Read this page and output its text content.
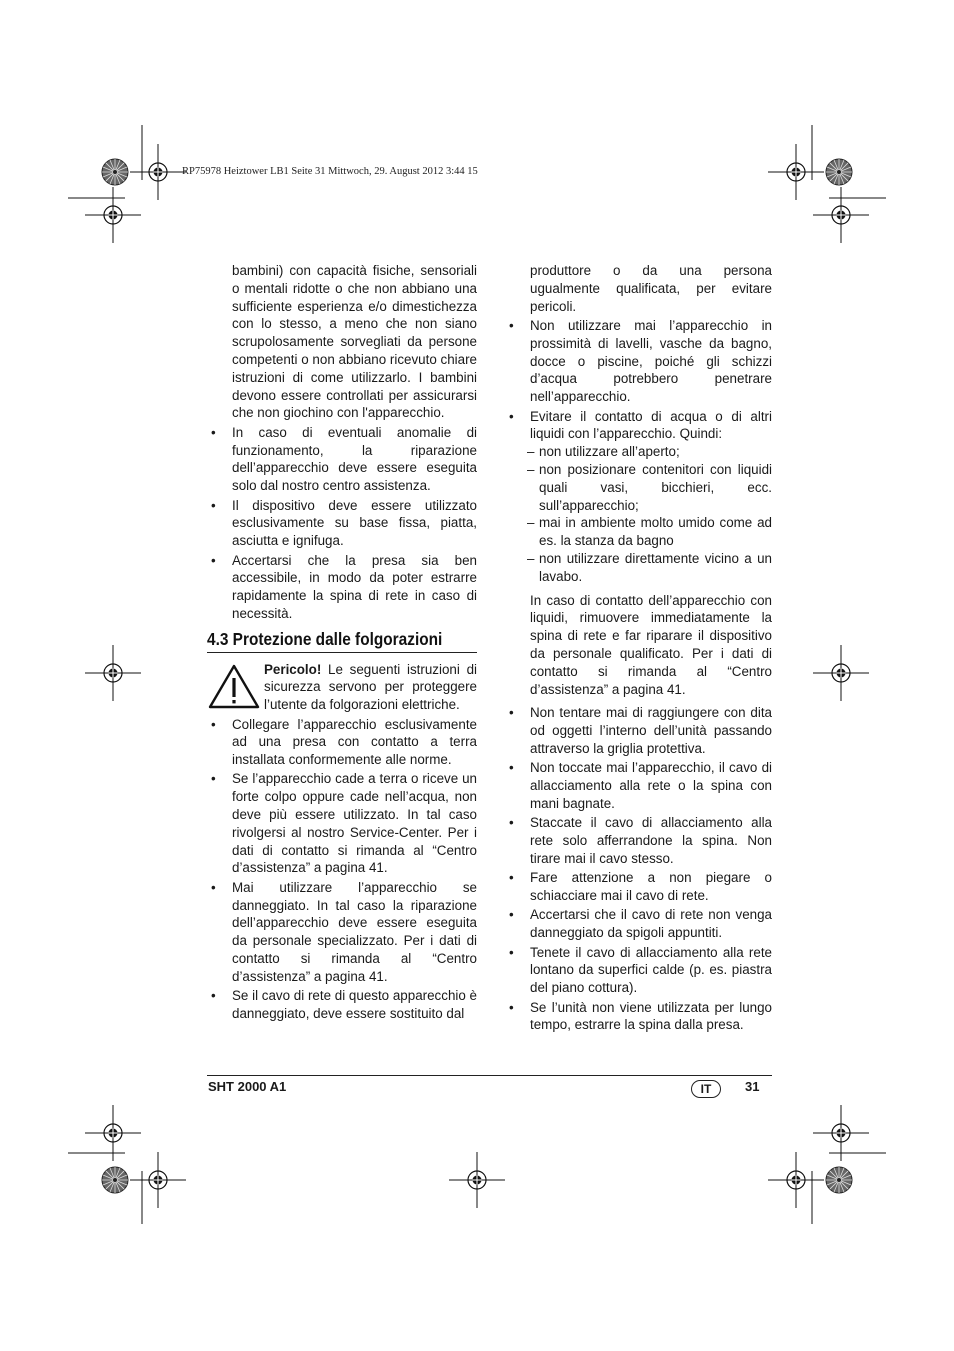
RP75978 Heiztower LB1 Seite 31 Mittwoch, 29. August 2012 3:44 15

bambini) con capacità fisiche, sensoriali o mentali ridotte o che non abbiano una sufficiente esperienza e/o dimestichezza con lo stesso, a meno che non siano scrupolosamente sorvegliati da persone competenti o non abbiano ricevuto chiare istruzioni di come utilizzarlo. I bambini devono essere controllati per assicurarsi che non giochino con l'apparecchio.

• In caso di eventuali anomalie di funzionamento, la riparazione dell’apparecchio deve essere eseguita solo dal nostro centro assistenza.

• Il dispositivo deve essere utilizzato esclusivamente su base fissa, piatta, asciutta e ignifuga.

• Accertarsi che la presa sia ben accessibile, in modo da poter estrarre rapidamente la spina di rete in caso di necessità.

4.3 Protezione dalle folgorazioni
Pericolo! Le seguenti istruzioni di sicurezza servono per proteggere l’utente da folgorazioni elettriche.

• Collegare l’apparecchio esclusivamente ad una presa con contatto a terra installata conformemente alle norme.

• Se l’apparecchio cade a terra o riceve un forte colpo oppure cade nell’acqua, non deve più essere utilizzato. In tal caso rivolgersi al nostro Service-Center. Per i dati di contatto si rimanda al “Centro d’assistenza” a pagina 41.

• Mai utilizzare l’apparecchio se danneggiato. In tal caso la riparazione dell’apparecchio deve essere eseguita da personale specializzato. Per i dati di contatto si rimanda al “Centro d’assistenza” a pagina 41.

• Se il cavo di rete di questo apparecchio è danneggiato, deve essere sostituito dal

produttore o da una persona ugualmente qualificata, per evitare pericoli.

• Non utilizzare mai l’apparecchio in prossimità di lavelli, vasche da bagno, docce o piscine, poiché gli schizzi d’acqua potrebbero penetrare nell’apparecchio.

• Evitare il contatto di acqua o di altri liquidi con l’apparecchio. Quindi:

– non utilizzare all’aperto;

– non posizionare contenitori con liquidi quali vasi, bicchieri, ecc. sull’apparecchio;

– mai in ambiente molto umido come ad es. la stanza da bagno

– non utilizzare direttamente vicino a un lavabo.

In caso di contatto dell’apparecchio con liquidi, rimuovere immediatamente la spina di rete e far riparare il dispositivo da personale qualificato. Per i dati di contatto si rimanda al “Centro d’assistenza” a pagina 41.

• Non tentare mai di raggiungere con dita od oggetti l’interno dell’unità passando attraverso la griglia protettiva.

• Non toccate mai l’apparecchio, il cavo di allacciamento alla rete o la spina con mani bagnate.

• Staccate il cavo di allacciamento alla rete solo afferrandone la spina. Non tirare mai il cavo stesso.

• Fare attenzione a non piegare o schiacciare mai il cavo di rete.

• Accertarsi che il cavo di rete non venga danneggiato da spigoli appuntiti.

• Tenete il cavo di allacciamento alla rete lontano da superfici calde (p. es. piastra del piano cottura).

• Se l’unità non viene utilizzata per lungo tempo, estrarre la spina dalla presa.

SHT 2000 A1	IT	31
